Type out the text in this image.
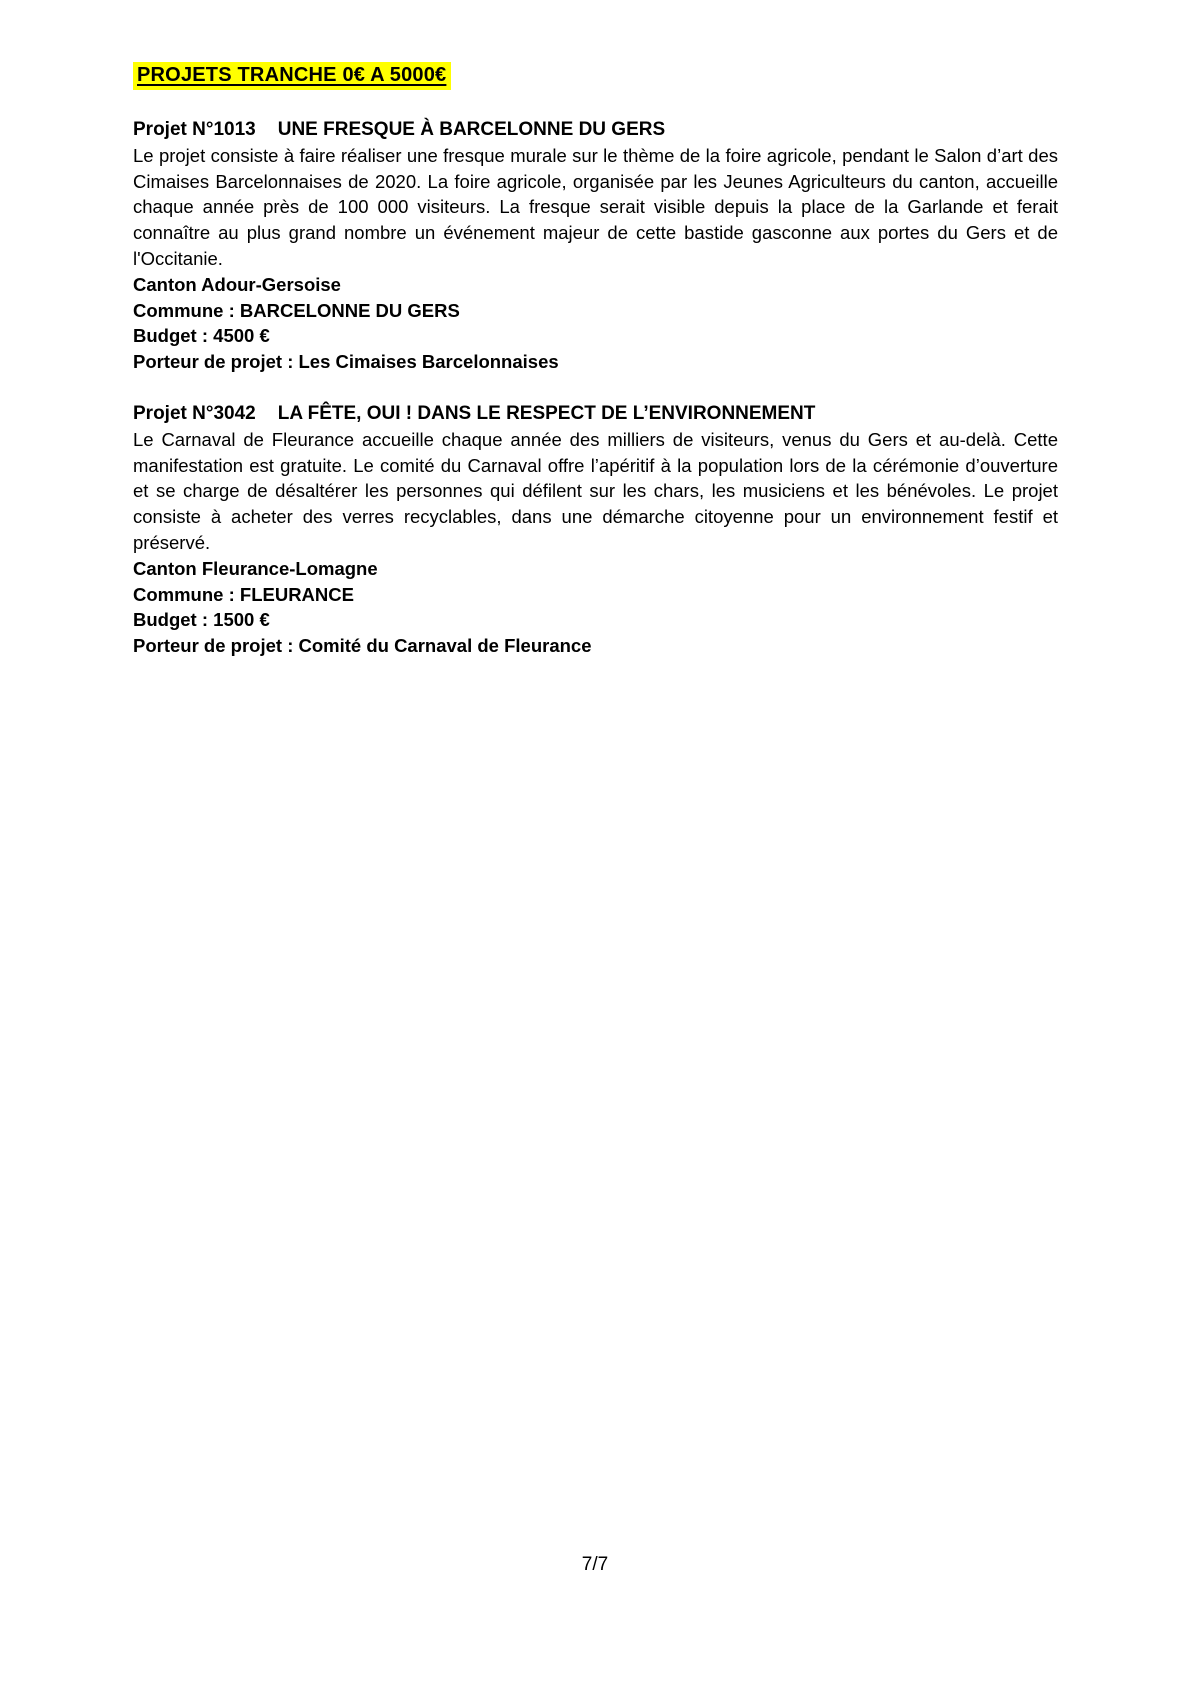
PROJETS TRANCHE 0€ A 5000€
Projet N°1013 UNE FRESQUE À BARCELONNE DU GERS
Le projet consiste à faire réaliser une fresque murale sur le thème de la foire agricole, pendant le Salon d’art des Cimaises Barcelonnaises de 2020. La foire agricole, organisée par les Jeunes Agriculteurs du canton, accueille chaque année près de 100 000 visiteurs. La fresque serait visible depuis la place de la Garlande et ferait connaître au plus grand nombre un événement majeur de cette bastide gasconne aux portes du Gers et de l'Occitanie.
Canton Adour-Gersoise
Commune : BARCELONNE DU GERS
Budget : 4500 €
Porteur de projet : Les Cimaises Barcelonnaises
Projet N°3042 LA FÊTE, OUI ! DANS LE RESPECT DE L’ENVIRONNEMENT
Le Carnaval de Fleurance accueille chaque année des milliers de visiteurs, venus du Gers et au-delà. Cette manifestation est gratuite. Le comité du Carnaval offre l’apéritif à la population lors de la cérémonie d’ouverture et se charge de désaltérer les personnes qui défilent sur les chars, les musiciens et les bénévoles. Le projet consiste à acheter des verres recyclables, dans une démarche citoyenne pour un environnement festif et préservé.
Canton Fleurance-Lomagne
Commune : FLEURANCE
Budget : 1500 €
Porteur de projet : Comité du Carnaval de Fleurance
7/7
